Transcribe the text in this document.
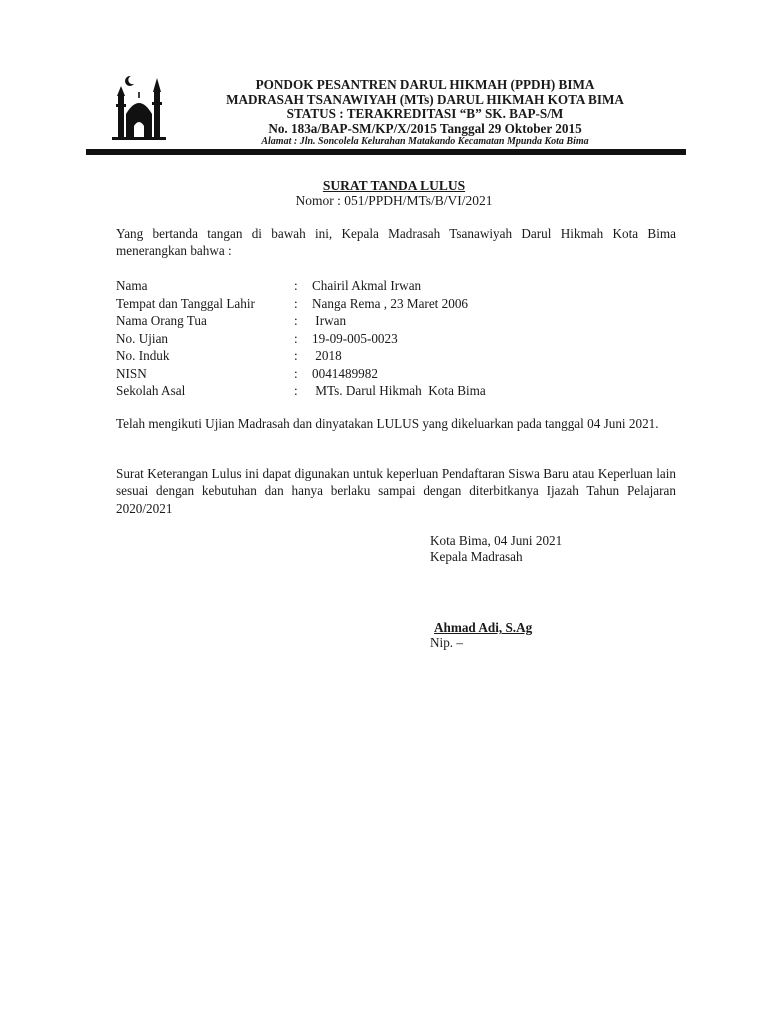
PONDOK PESANTREN DARUL HIKMAH (PPDH) BIMA
MADRASAH TSANAWIYAH (MTs) DARUL HIKMAH KOTA BIMA
STATUS : TERAKREDITASI “B” SK. BAP-S/M
No. 183a/BAP-SM/KP/X/2015 Tanggal 29 Oktober 2015
Alamat : Jln. Soncolela Kelurahan Matakando Kecamatan Mpunda Kota Bima
SURAT TANDA LULUS
Nomor : 051/PPDH/MTs/B/VI/2021
Yang bertanda tangan di bawah ini, Kepala Madrasah Tsanawiyah Darul Hikmah Kota Bima menerangkan bahwa :
Nama	:	Chairil Akmal Irwan
Tempat dan Tanggal Lahir	:	Nanga Rema , 23 Maret 2006
Nama Orang Tua	:	Irwan
No. Ujian	:	19-09-005-0023
No. Induk	:	2018
NISN	:	0041489982
Sekolah Asal	:	MTs. Darul Hikmah  Kota Bima
Telah mengikuti Ujian Madrasah dan dinyatakan LULUS yang dikeluarkan pada tanggal 04 Juni 2021.
Surat Keterangan Lulus ini dapat digunakan untuk keperluan Pendaftaran Siswa Baru atau Keperluan lain sesuai dengan kebutuhan dan hanya berlaku sampai dengan diterbitkanya Ijazah Tahun Pelajaran 2020/2021
Kota Bima, 04 Juni 2021
Kepala Madrasah
Ahmad Adi, S.Ag
Nip. –
